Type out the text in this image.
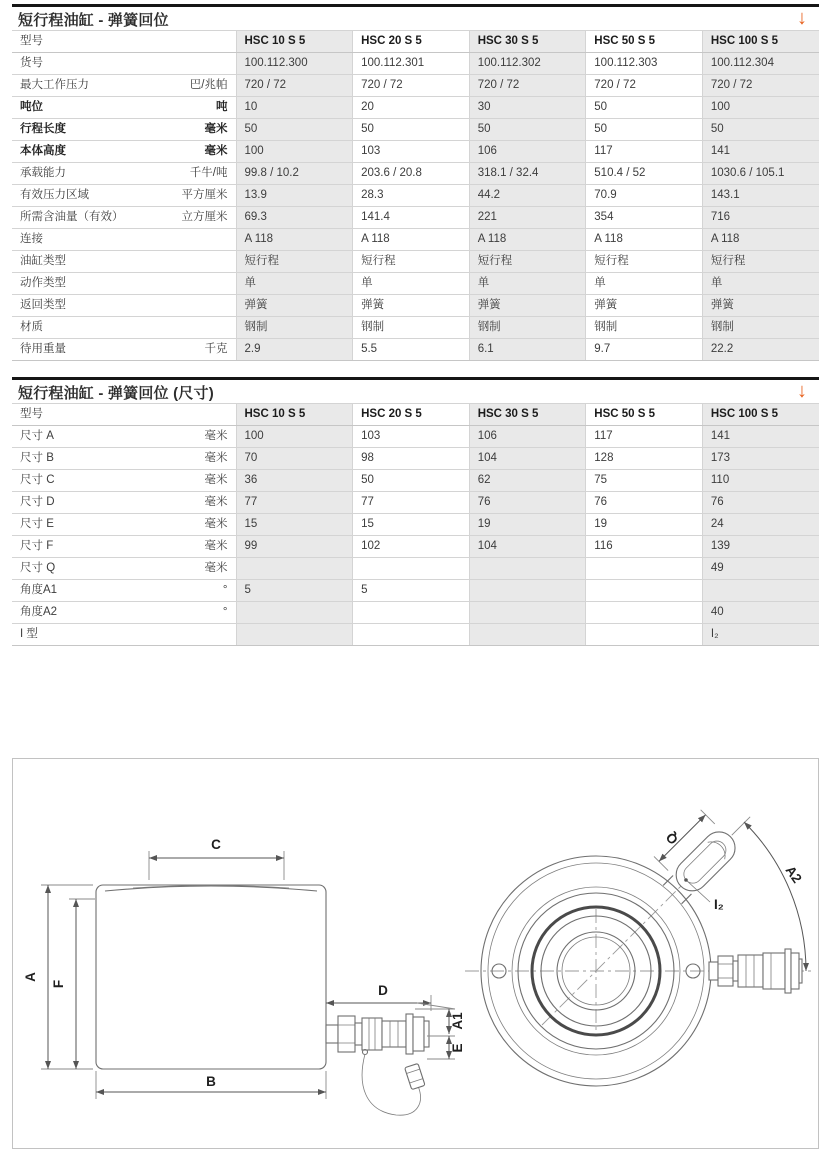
短行程油缸 - 弹簧回位	↓
型号	HSC 10 S 5	HSC 20 S 5	HSC 30 S 5	HSC 50 S 5	HSC 100 S 5

货号	100.112.300	100.112.301	100.112.302	100.112.303	100.112.304

最大工作压力 巴/兆帕	720 / 72	720 / 72	720 / 72	720 / 72	720 / 72

吨位 吨	10	20	30	50	100

行程长度 毫米	50	50	50	50	50

本体高度 毫米	100	103	106	117	141

承载能力 千牛/吨	99.8 / 10.2	203.6 / 20.8	318.1 / 32.4	510.4 / 52	1030.6 / 105.1

有效压力区域 平方厘米	13.9	28.3	44.2	70.9	143.1

所需含油量（有效） 立方厘米	69.3	141.4	221	354	716

连接	A 118	A 118	A 118	A 118	A 118

油缸类型	短行程	短行程	短行程	短行程	短行程

动作类型	单	单	单	单	单

返回类型	弹簧	弹簧	弹簧	弹簧	弹簧

材质	钢制	钢制	钢制	钢制	钢制

待用重量 千克	2.9	5.5	6.1	9.7	22.2
短行程油缸 - 弹簧回位 (尺寸)	↓
型号	HSC 10 S 5	HSC 20 S 5	HSC 30 S 5	HSC 50 S 5	HSC 100 S 5

尺寸 A 毫米	100	103	106	117	141

尺寸 B 毫米	70	98	104	128	173

尺寸 C 毫米	36	50	62	75	110

尺寸 D 毫米	77	77	76	76	76

尺寸 E 毫米	15	15	19	19	24

尺寸 F 毫米	99	102	104	116	139

尺寸 Q 毫米					49

角度A1 °	5	5			

角度A2 °					40

I 型					I₂
C
A
F
B
D
A1
E
Q
I₂
A2
